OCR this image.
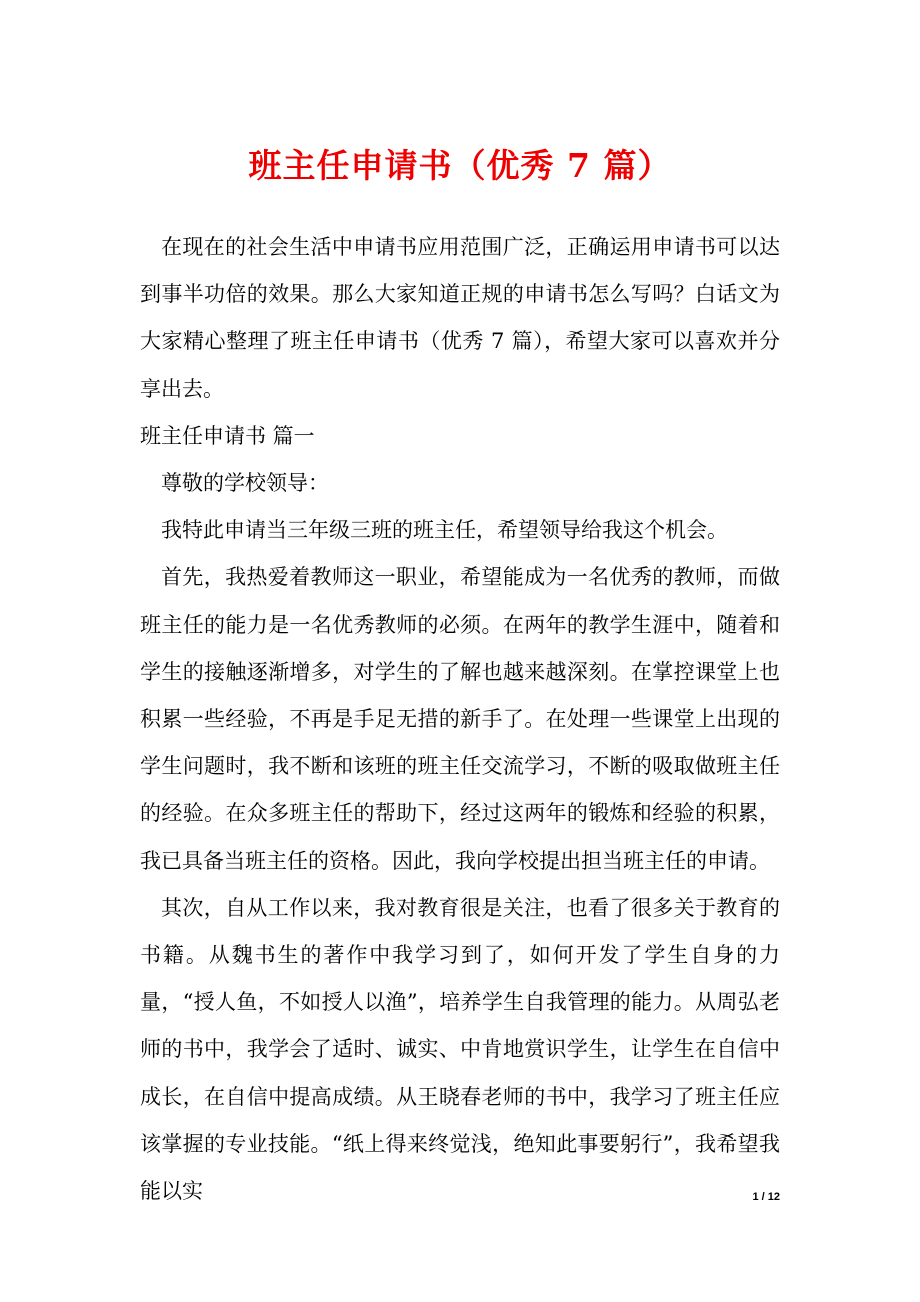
班主任申请书（优秀 7 篇）

在现在的社会生活中申请书应用范围广泛，正确运用申请书可以达到事半功倍的效果。那么大家知道正规的申请书怎么写吗？白话文为大家精心整理了班主任申请书（优秀 7 篇），希望大家可以喜欢并分享出去。

班主任申请书 篇一

尊敬的学校领导：

我特此申请当三年级三班的班主任，希望领导给我这个机会。

首先，我热爱着教师这一职业，希望能成为一名优秀的教师，而做班主任的能力是一名优秀教师的必须。在两年的教学生涯中，随着和学生的接触逐渐增多，对学生的了解也越来越深刻。在掌控课堂上也积累一些经验，不再是手足无措的新手了。在处理一些课堂上出现的学生问题时，我不断和该班的班主任交流学习，不断的吸取做班主任的经验。在众多班主任的帮助下，经过这两年的锻炼和经验的积累，我已具备当班主任的资格。因此，我向学校提出担当班主任的申请。

其次，自从工作以来，我对教育很是关注，也看了很多关于教育的书籍。从魏书生的著作中我学习到了，如何开发了学生自身的力量，“授人鱼，不如授人以渔”，培养学生自我管理的能力。从周弘老师的书中，我学会了适时、诚实、中肯地赏识学生，让学生在自信中成长，在自信中提高成绩。从王晓春老师的书中，我学习了班主任应该掌握的专业技能。“纸上得来终觉浅，绝知此事要躬行”，我希望我能以实	1 / 12
